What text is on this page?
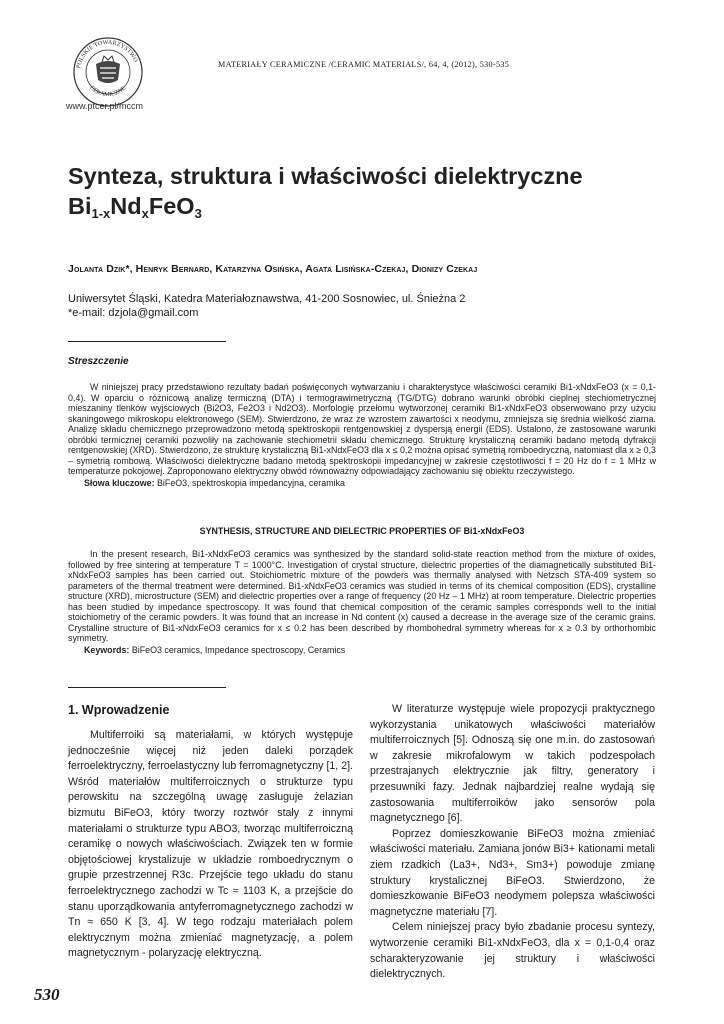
POLSKIE TOWARZYSTWO
CERAMICZNE
www.ptcer.pl/mccm
MATERIAŁY CERAMICZNE /CERAMIC MATERIALS/, 64, 4, (2012), 530-535
Synteza, struktura i właściwości dielektryczne
$Bi_{1-x}Nd_xFeO_3$
Jolanta Dzik*, Henryk Bernard, Katarzyna Osińska, Agata Lisińska-Czekaj, Dionizy Czekaj
Uniwersytet Śląski, Katedra Materiałoznawstwa, 41-200 Sosnowiec, ul. Śnieżna 2
*e-mail: dzjola@gmail.com
Streszczenie

W niniejszej pracy przedstawiono rezultaty badań poświęconych wytwarzaniu i charakterystyce właściwości ceramiki Bi1-xNdxFeO3 (x = 0,1-0,4). W oparciu o różnicową analizę termiczną (DTA) i termograwimetryczną (TG/DTG) dobrano warunki obróbki cieplnej stechiometrycznej mieszaniny tlenków wyjściowych (Bi2O3, Fe2O3 i Nd2O3). Morfologię przełomu wytworzonej ceramiki Bi1-xNdxFeO3 obserwowano przy użyciu skaningowego mikroskopu elektronowego (SEM). Stwierdzono, że wraz ze wzrostem zawartości x neodymu, zmniejsza się średnia wielkość ziarna. Analizę składu chemicznego przeprowadzono metodą spektroskopii rentgenowskiej z dyspersją energii (EDS). Ustalono, że zastosowane warunki obróbki termicznej ceramiki pozwoliły na zachowanie stechiometrii składu chemicznego. Strukturę krystaliczną ceramiki badano metodą dyfrakcji rentgenowskiej (XRD). Stwierdzono, że strukturę krystaliczną Bi1-xNdxFeO3 dla x ≤ 0,2 można opisać symetrią romboedryczną, natomiast dla x ≥ 0,3 – symetrią rombową. Właściwości dielektryczne badano metodą spektroskopii impedancyjnej w zakresie częstotliwości f = 20 Hz do f = 1 MHz w temperaturze pokojowej. Zaproponowano elektryczny obwód równoważny odpowiadający zachowaniu się obiektu rzeczywistego.

Słowa kluczowe: BiFeO3, spektroskopia impedancyjna, ceramika
SYNTHESIS, STRUCTURE AND DIELECTRIC PROPERTIES OF Bi1-xNdxFeO3

In the present research, Bi1-xNdxFeO3 ceramics was synthesized by the standard solid-state reaction method from the mixture of oxides, followed by free sintering at temperature T = 1000°C. Investigation of crystal structure, dielectric properties of the diamagnetically substituted Bi1-xNdxFeO3 samples has been carried out. Stoichiometric mixture of the powders was thermally analysed with Netzsch STA-409 system so parameters of the thermal treatment were determined. Bi1-xNdxFeO3 ceramics was studied in terms of its chemical composition (EDS), crystalline structure (XRD), microstructure (SEM) and dielectric properties over a range of frequency (20 Hz – 1 MHz) at room temperature. Dielectric properties has been studied by impedance spectroscopy. It was found that chemical composition of the ceramic samples corresponds well to the initial stoichiometry of the ceramic powders. It was found that an increase in Nd content (x) caused a decrease in the average size of the ceramic grains. Crystalline structure of Bi1-xNdxFeO3 ceramics for x ≤ 0.2 has been described by rhombohedral symmetry whereas for x ≥ 0.3 by orthorhombic symmetry.

Keywords: BiFeO3 ceramics, Impedance spectroscopy, Ceramics
1. Wprowadzenie

Multiferroiki są materiałami, w których występuje jednocześnie więcej niż jeden daleki porządek ferroelektryczny, ferroelastyczny lub ferromagnetyczny [1, 2]. Wśród materiałów multiferroicznych o strukturze typu perowskitu na szczególną uwagę zasługuje żelazian bizmutu BiFeO3, który tworzy roztwór stały z innymi materiałami o strukturze typu ABO3, tworząc multiferroiczną ceramikę o nowych właściwościach. Związek ten w formie objętościowej krystalizuje w układzie romboedrycznym o grupie przestrzennej R3c. Przejście tego układu do stanu ferroelektrycznego zachodzi w Tc ≈ 1103 K, a przejście do stanu uporządkowania antyferromagnetycznego zachodzi w Tn ≈ 650 K [3, 4]. W tego rodzaju materiałach polem elektrycznym można zmieniać magnetyzację, a polem magnetycznym - polaryzację elektryczną.

W literaturze występuje wiele propozycji praktycznego wykorzystania unikatowych właściwości materiałów multiferroicznych [5]. Odnoszą się one m.in. do zastosowań w zakresie mikrofalowym w takich podzespołach przestrajanych elektrycznie jak filtry, generatory i przesuwniki fazy. Jednak najbardziej realne wydają się zastosowania multiferroików jako sensorów pola magnetycznego [6].

Poprzez domieszkowanie BiFeO3 można zmieniać właściwości materiału. Zamiana jonów Bi3+ kationami metali ziem rzadkich (La3+, Nd3+, Sm3+) powoduje zmianę struktury krystalicznej BiFeO3. Stwierdzono, że domieszkowanie BiFeO3 neodymem polepsza właściwości magnetyczne materiału [7].

Celem niniejszej pracy było zbadanie procesu syntezy, wytworzenie ceramiki Bi1-xNdxFeO3, dla x = 0,1-0,4 oraz scharakteryzowanie jej struktury i właściwości dielektrycznych.

530
